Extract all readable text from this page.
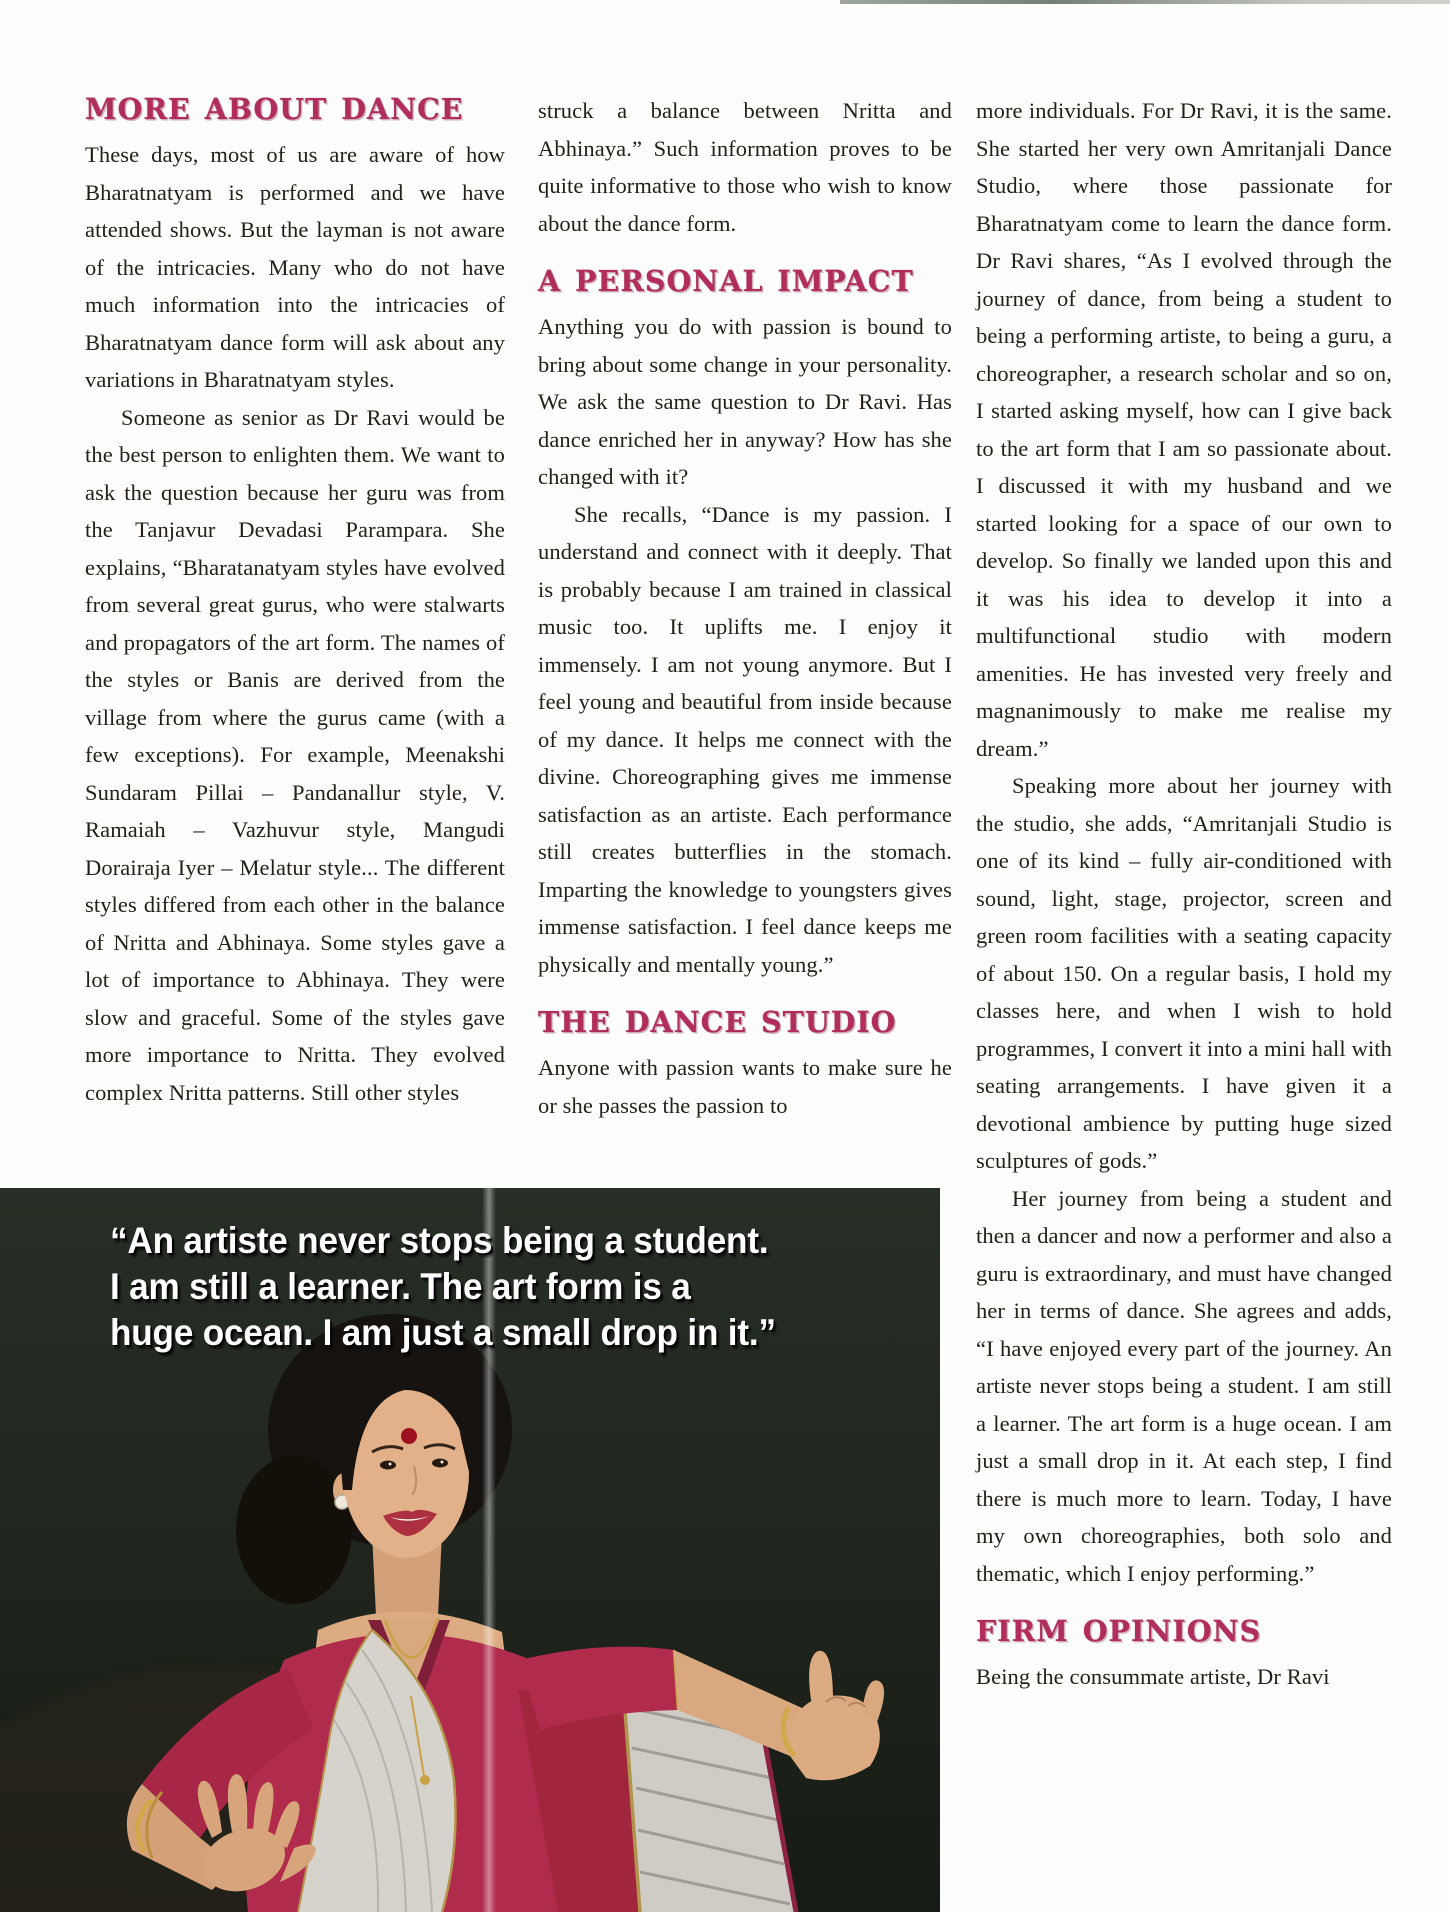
MORE ABOUT DANCE

These days, most of us are aware of how Bharatnatyam is performed and we have attended shows. But the layman is not aware of the intricacies. Many who do not have much information into the intricacies of Bharatnatyam dance form will ask about any variations in Bharatnatyam styles.

Someone as senior as Dr Ravi would be the best person to enlighten them. We want to ask the question because her guru was from the Tanjavur Devadasi Parampara. She explains, “Bharatanatyam styles have evolved from several great gurus, who were stalwarts and propagators of the art form. The names of the styles or Banis are derived from the village from where the gurus came (with a few exceptions). For example, Meenakshi Sundaram Pillai – Pandanallur style, V. Ramaiah – Vazhuvur style, Mangudi Dorairaja Iyer – Melatur style... The different styles differed from each other in the balance of Nritta and Abhinaya. Some styles gave a lot of importance to Abhinaya. They were slow and graceful. Some of the styles gave more importance to Nritta. They evolved complex Nritta patterns. Still other styles

struck a balance between Nritta and Abhinaya.” Such information proves to be quite informative to those who wish to know about the dance form.

A PERSONAL IMPACT

Anything you do with passion is bound to bring about some change in your personality. We ask the same question to Dr Ravi. Has dance enriched her in anyway? How has she changed with it?

She recalls, “Dance is my passion. I understand and connect with it deeply. That is probably because I am trained in classical music too. It uplifts me. I enjoy it immensely. I am not young anymore. But I feel young and beautiful from inside because of my dance. It helps me connect with the divine. Choreographing gives me immense satisfaction as an artiste. Each performance still creates butterflies in the stomach. Imparting the knowledge to youngsters gives immense satisfaction. I feel dance keeps me physically and mentally young.”

THE DANCE STUDIO

Anyone with passion wants to make sure he or she passes the passion to

more individuals. For Dr Ravi, it is the same. She started her very own Amritanjali Dance Studio, where those passionate for Bharatnatyam come to learn the dance form. Dr Ravi shares, “As I evolved through the journey of dance, from being a student to being a performing artiste, to being a guru, a choreographer, a research scholar and so on, I started asking myself, how can I give back to the art form that I am so passionate about. I discussed it with my husband and we started looking for a space of our own to develop. So finally we landed upon this and it was his idea to develop it into a multifunctional studio with modern amenities. He has invested very freely and magnanimously to make me realise my dream.”

Speaking more about her journey with the studio, she adds, “Amritanjali Studio is one of its kind – fully air-conditioned with sound, light, stage, projector, screen and green room facilities with a seating capacity of about 150. On a regular basis, I hold my classes here, and when I wish to hold programmes, I convert it into a mini hall with seating arrangements. I have given it a devotional ambience by putting huge sized sculptures of gods.”

Her journey from being a student and then a dancer and now a performer and also a guru is extraordinary, and must have changed her in terms of dance. She agrees and adds, “I have enjoyed every part of the journey. An artiste never stops being a student. I am still a learner. The art form is a huge ocean. I am just a small drop in it. At each step, I find there is much more to learn. Today, I have my own choreographies, both solo and thematic, which I enjoy performing.”

FIRM OPINIONS

Being the consummate artiste, Dr Ravi

“An artiste never stops being a student.
I am still a learner. The art form is a
huge ocean. I am just a small drop in it.”
